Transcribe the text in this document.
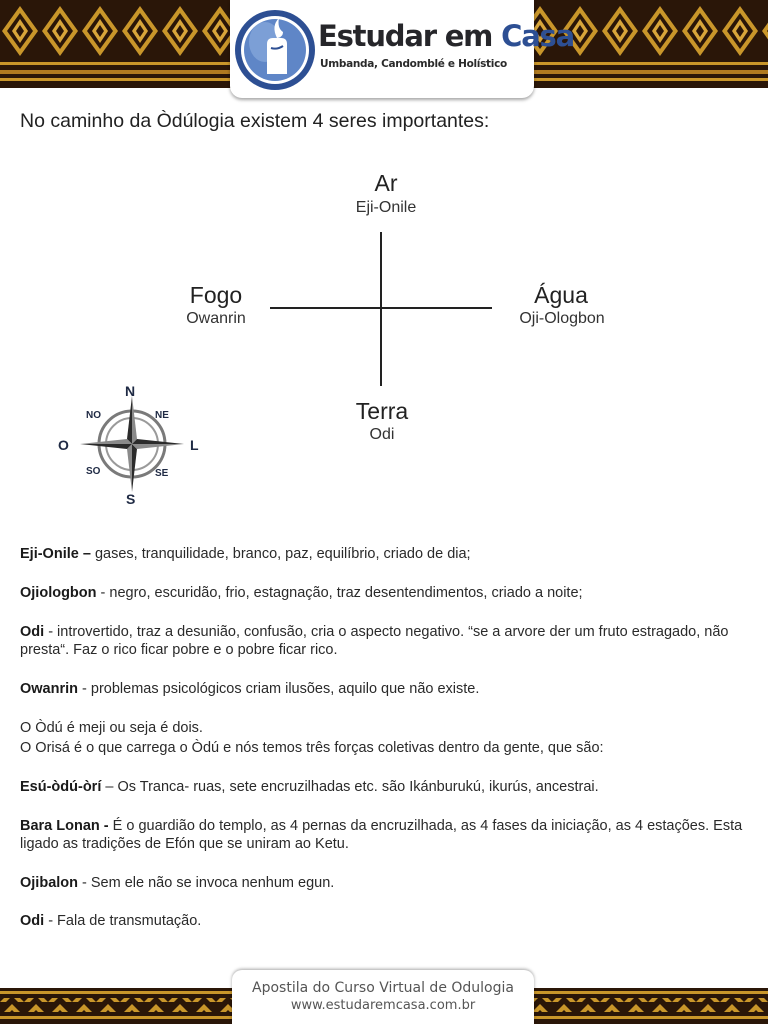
Estudar em Casa
Umbanda, Candomblé e Holístico
No caminho da Òdúlogia existem 4 seres importantes:
Ar
Eji-Onile
Fogo
Owanrin
Água
Oji-Ologbon
Terra
Odi
N
S
O	L
NO	NE
SO	SE
Eji-Onile – gases, tranquilidade, branco, paz, equilíbrio, criado de dia;
Ojiologbon - negro, escuridão, frio, estagnação, traz desentendimentos, criado a noite;
Odi - introvertido, traz a desunião, confusão, cria o aspecto negativo. “se a arvore der um fruto estragado, não presta“. Faz o rico ficar pobre e o pobre ficar rico.
Owanrin - problemas psicológicos criam ilusões, aquilo que não existe.
O Òdú é meji ou seja é dois.
O Orisá é o que carrega o Òdú e nós temos três forças coletivas dentro da gente, que são:
Esú-òdú-òrí – Os Tranca- ruas, sete encruzilhadas etc. são Ikánburukú, ikurús, ancestrai.
Bara Lonan - É o guardião do templo, as 4 pernas da encruzilhada, as 4 fases da iniciação, as 4 estações. Esta ligado as tradições de Efón que se uniram ao Ketu.
Ojibalon - Sem ele não se invoca nenhum egun.
Odi - Fala de transmutação.
Apostila do Curso Virtual de Odulogia
www.estudaremcasa.com.br
